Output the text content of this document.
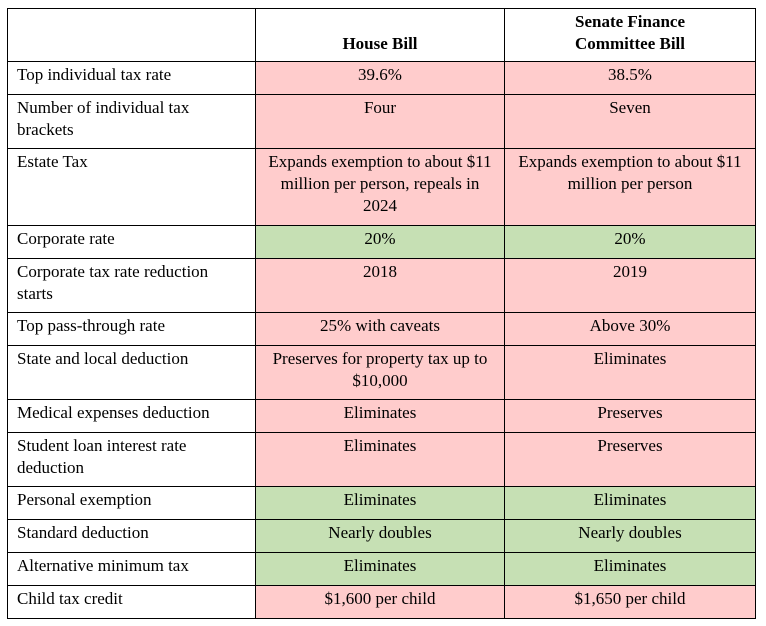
	House Bill	Senate Finance
Committee Bill
Top individual tax rate	39.6%	38.5%
Number of individual tax brackets	Four	Seven
Estate Tax	Expands exemption to about $11 million per person, repeals in 2024	Expands exemption to about $11 million per person
Corporate rate	20%	20%
Corporate tax rate reduction starts	2018	2019
Top pass-through rate	25% with caveats	Above 30%
State and local deduction	Preserves for property tax up to $10,000	Eliminates
Medical expenses deduction	Eliminates	Preserves
Student loan interest rate deduction	Eliminates	Preserves
Personal exemption	Eliminates	Eliminates
Standard deduction	Nearly doubles	Nearly doubles
Alternative minimum tax	Eliminates	Eliminates
Child tax credit	$1,600 per child	$1,650 per child
